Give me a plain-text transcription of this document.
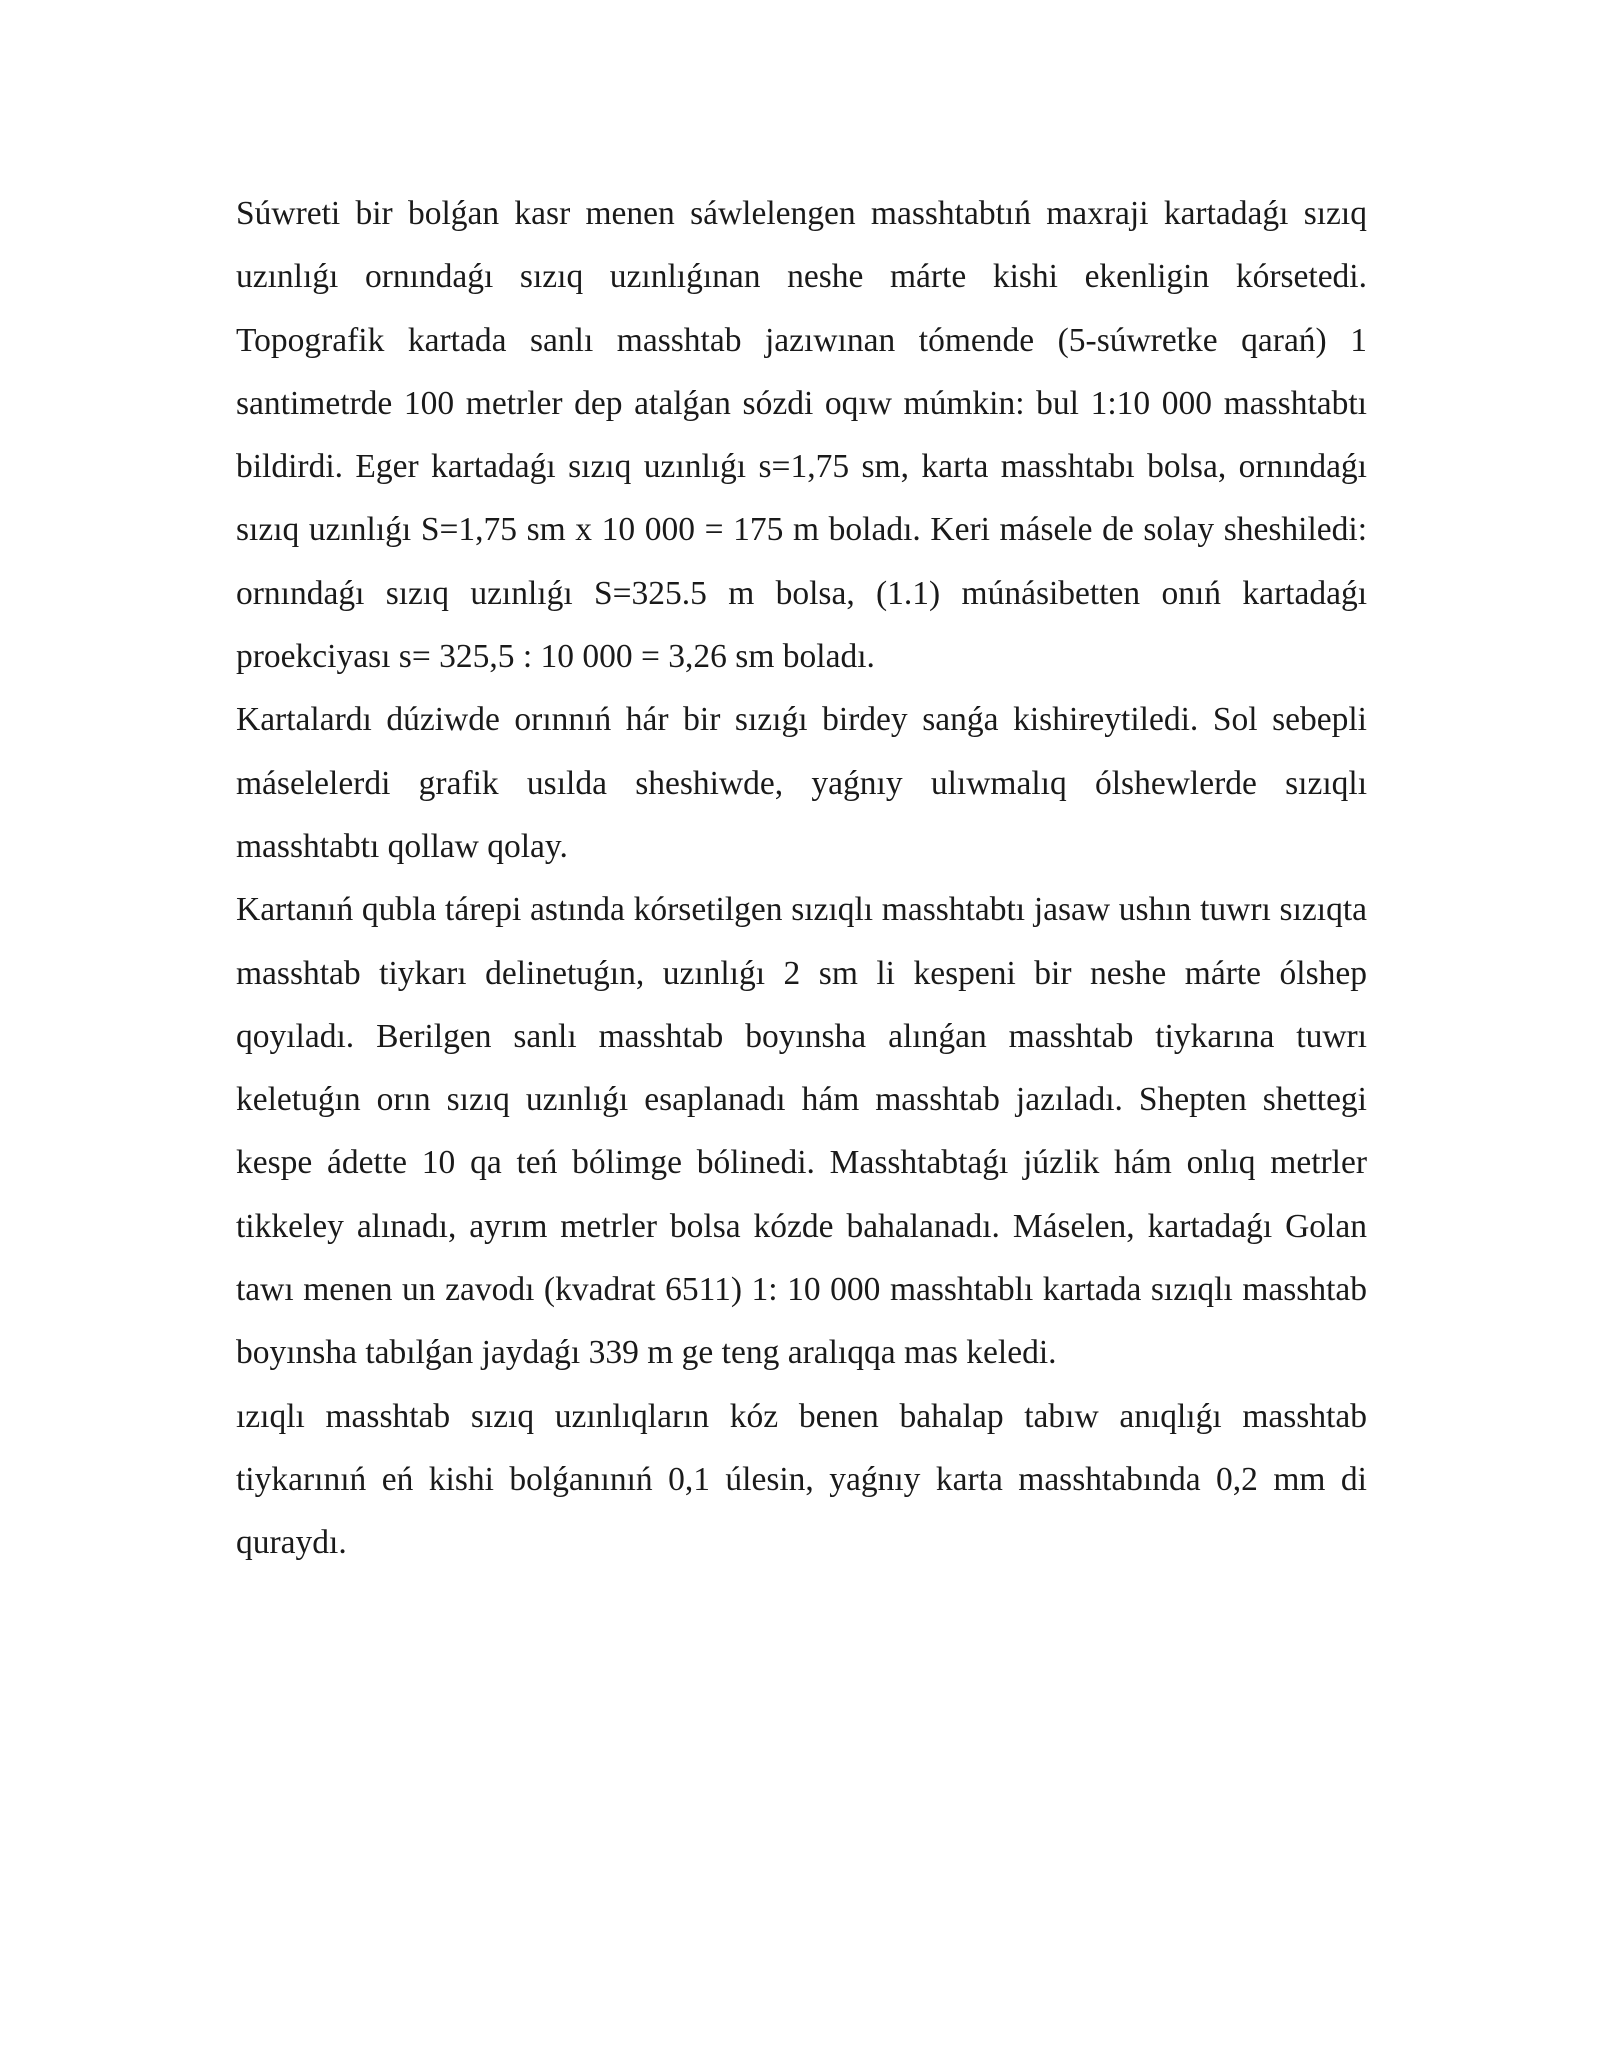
Súwreti bir bolǵan kasr menen sáwlelengen masshtabtıń maxraji kartadaǵı sızıq uzınlıǵı ornındaǵı sızıq uzınlıǵınan neshe márte kishi ekenligin kórsetedi. Topografik kartada sanlı masshtab jazıwınan tómende (5-súwretke qarań) 1 santimetrde 100 metrler dep atalǵan sózdi oqıw múmkin: bul 1:10 000 masshtabtı bildirdi. Eger kartadaǵı sızıq uzınlıǵı s=1,75 sm, karta masshtabı bolsa, ornındaǵı sızıq uzınlıǵı S=1,75 sm x 10 000 = 175 m boladı. Keri másele de solay sheshiledi: ornındaǵı sızıq uzınlıǵı S=325.5 m bolsa, (1.1) múnásibetten onıń kartadaǵı proekciyası s= 325,5 : 10 000 = 3,26 sm boladı.

Kartalardı dúziwde orınnıń hár bir sızıǵı birdey sanǵa kishireytiledi. Sol sebepli máselelerdi grafik usılda sheshiwde, yaǵnıy ulıwmalıq ólshewlerde sızıqlı masshtabtı qollaw qolay.

Kartanıń qubla tárepi astında kórsetilgen sızıqlı masshtabtı jasaw ushın tuwrı sızıqta masshtab tiykarı delinetuǵın, uzınlıǵı 2 sm li kespeni bir neshe márte ólshep qoyıladı. Berilgen sanlı masshtab boyınsha alınǵan masshtab tiykarına tuwrı keletuǵın orın sızıq uzınlıǵı esaplanadı hám masshtab jazıladı. Shepten shettegi kespe ádette 10 qa teń bólimge bólinedi. Masshtabtaǵı júzlik hám onlıq metrler tikkeley alınadı, ayrım metrler bolsa kózde bahalanadı. Máselen, kartadaǵı Golan tawı menen un zavodı (kvadrat 6511) 1: 10 000 masshtablı kartada sızıqlı masshtab boyınsha tabılǵan jaydaǵı 339 m ge teng aralıqqa mas keledi.

ızıqlı masshtab sızıq uzınlıqların kóz benen bahalap tabıw anıqlıǵı masshtab tiykarınıń eń kishi bolǵanınıń 0,1 úlesin, yaǵnıy karta masshtabında 0,2 mm di quraydı.
